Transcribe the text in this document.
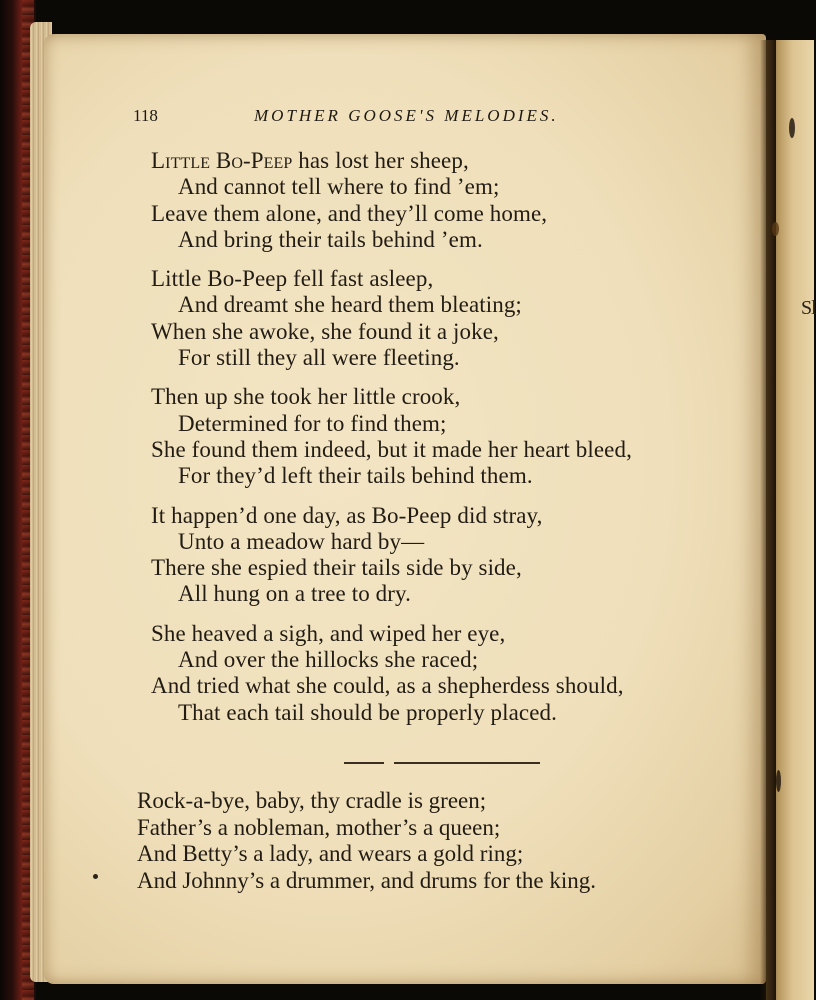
Sl
118	MOTHER GOOSE'S MELODIES.
Little Bo-Peep has lost her sheep,
And cannot tell where to find ’em;
Leave them alone, and they’ll come home,
And bring their tails behind ’em.
Little Bo-Peep fell fast asleep,
And dreamt she heard them bleating;
When she awoke, she found it a joke,
For still they all were fleeting.
Then up she took her little crook,
Determined for to find them;
She found them indeed, but it made her heart bleed,
For they’d left their tails behind them.
It happen’d one day, as Bo-Peep did stray,
Unto a meadow hard by—
There she espied their tails side by side,
All hung on a tree to dry.
She heaved a sigh, and wiped her eye,
And over the hillocks she raced;
And tried what she could, as a shepherdess should,
That each tail should be properly placed.
Rock-a-bye, baby, thy cradle is green;
Father’s a nobleman, mother’s a queen;
And Betty’s a lady, and wears a gold ring;
And Johnny’s a drummer, and drums for the king.
